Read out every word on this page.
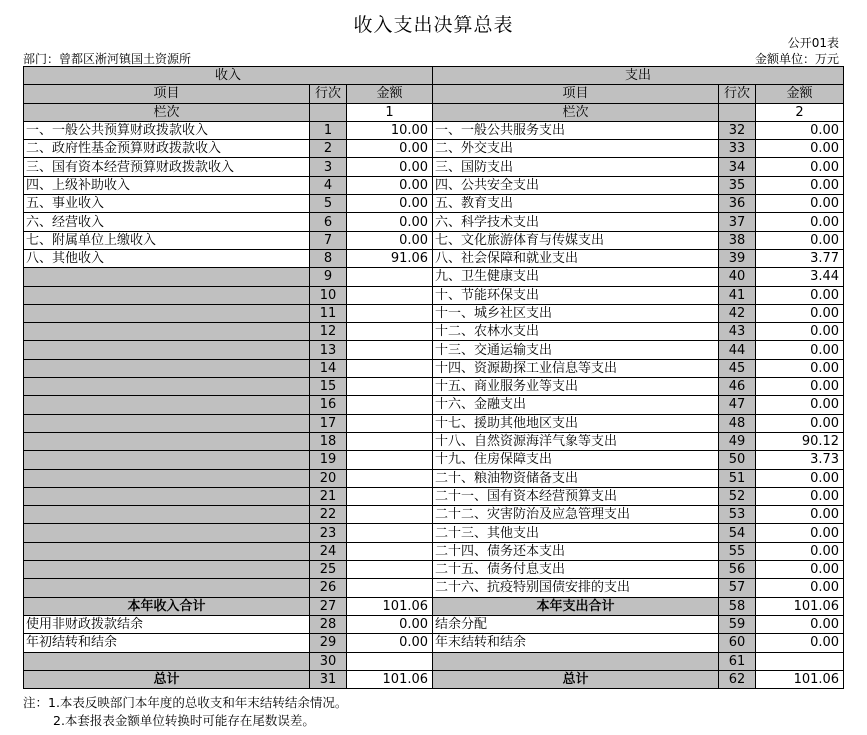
收入支出决算总表
公开01表
部门：曾都区淅河镇国土资源所	金额单位：万元
收入			支出		
项目	行次	金额	项目	行次	金额
栏次		1	栏次		2
一、一般公共预算财政拨款收入	1	10.00	一、一般公共服务支出	32	0.00
二、政府性基金预算财政拨款收入	2	0.00	二、外交支出	33	0.00
三、国有资本经营预算财政拨款收入	3	0.00	三、国防支出	34	0.00
四、上级补助收入	4	0.00	四、公共安全支出	35	0.00
五、事业收入	5	0.00	五、教育支出	36	0.00
六、经营收入	6	0.00	六、科学技术支出	37	0.00
七、附属单位上缴收入	7	0.00	七、文化旅游体育与传媒支出	38	0.00
八、其他收入	8	91.06	八、社会保障和就业支出	39	3.77
	9		九、卫生健康支出	40	3.44
	10		十、节能环保支出	41	0.00
	11		十一、城乡社区支出	42	0.00
	12		十二、农林水支出	43	0.00
	13		十三、交通运输支出	44	0.00
	14		十四、资源勘探工业信息等支出	45	0.00
	15		十五、商业服务业等支出	46	0.00
	16		十六、金融支出	47	0.00
	17		十七、援助其他地区支出	48	0.00
	18		十八、自然资源海洋气象等支出	49	90.12
	19		十九、住房保障支出	50	3.73
	20		二十、粮油物资储备支出	51	0.00
	21		二十一、国有资本经营预算支出	52	0.00
	22		二十二、灾害防治及应急管理支出	53	0.00
	23		二十三、其他支出	54	0.00
	24		二十四、债务还本支出	55	0.00
	25		二十五、债务付息支出	56	0.00
	26		二十六、抗疫特别国债安排的支出	57	0.00
本年收入合计	27	101.06	本年支出合计	58	101.06
使用非财政拨款结余	28	0.00	结余分配	59	0.00
年初结转和结余	29	0.00	年末结转和结余	60	0.00
	30			61	
总计	31	101.06	总计	62	101.06
注：1.本表反映部门本年度的总收支和年末结转结余情况。
2.本套报表金额单位转换时可能存在尾数误差。
